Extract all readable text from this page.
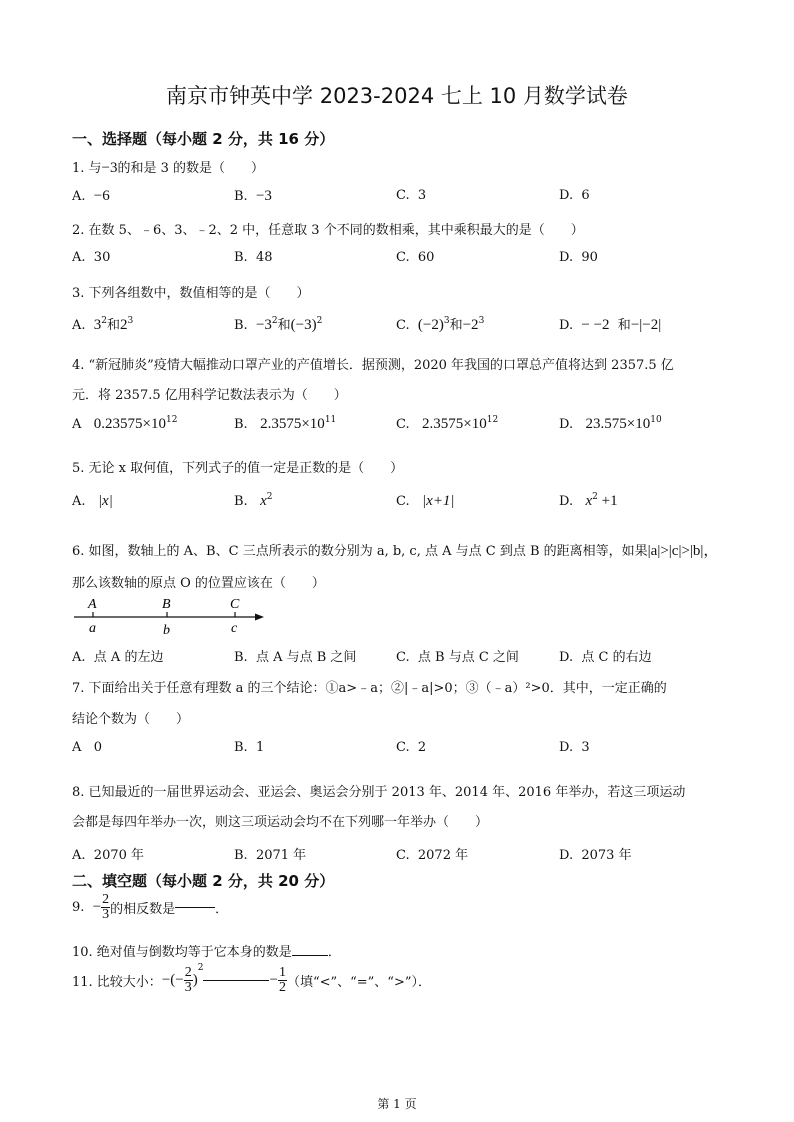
南京市钟英中学 2023-2024 七上 10 月数学试卷
一、选择题（每小题 2 分，共 16 分）
1. 与−3的和是 3 的数是（　　）
A. −6	B. −3	C. 3	D. 6
2. 在数 5、﹣6、3、﹣2、2 中，任意取 3 个不同的数相乘，其中乘积最大的是（　　）
A. 30	B. 48	C. 60	D. 90
3. 下列各组数中，数值相等的是（　　）
A. $3^2$和$2^3$	B. $-3^2$和$(-3)^2$	C. $(-2)^3$和$-2^3$	D. − −2 和−|−2|
4. “新冠肺炎”疫情大幅推动口罩产业的产值增长．据预测，2020 年我国的口罩总产值将达到 2357.5 亿
元．将 2357.5 亿用科学记数法表示为（　　）
A $0.23575\times 10^{12}$	B. $2.3575\times 10^{11}$	C. $2.3575\times 10^{12}$	D. $23.575\times 10^{10}$
5. 无论 x 取何值，下列式子的值一定是正数的是（　　）
A. |x|	B. $x^2$	C. |x+1|	D. $x^2 +1$
6. 如图，数轴上的 A、B、C 三点所表示的数分别为 a, b, c, 点 A 与点 C 到点 B 的距离相等，如果|a|>|c|>|b|，
那么该数轴的原点 O 的位置应该在（　　）
A	B	C
a	b	c
A. 点 A 的左边	B. 点 A 与点 B 之间	C. 点 B 与点 C 之间	D. 点 C 的右边
7. 下面给出关于任意有理数 a 的三个结论：①a>﹣a；②|﹣a|>0；③（﹣a）²>0．其中，一定正确的
结论个数为（　　）
A 0	B. 1	C. 2	D. 3
8. 已知最近的一届世界运动会、亚运会、奥运会分别于 2013 年、2014 年、2016 年举办，若这三项运动
会都是每四年举办一次，则这三项运动会均不在下列哪一年举办（　　）
A. 2070 年	B. 2071 年	C. 2072 年	D. 2073 年
二、填空题（每小题 2 分，共 20 分）
9. − $\frac{2}{3}$ 的相反数是	．
10. 绝对值与倒数均等于它本身的数是	．
11. 比较大小：−(− $\frac{2}{3} )^2- \frac{1}{2}$ （填“<”、“=”、“>”）．
第 1 页
